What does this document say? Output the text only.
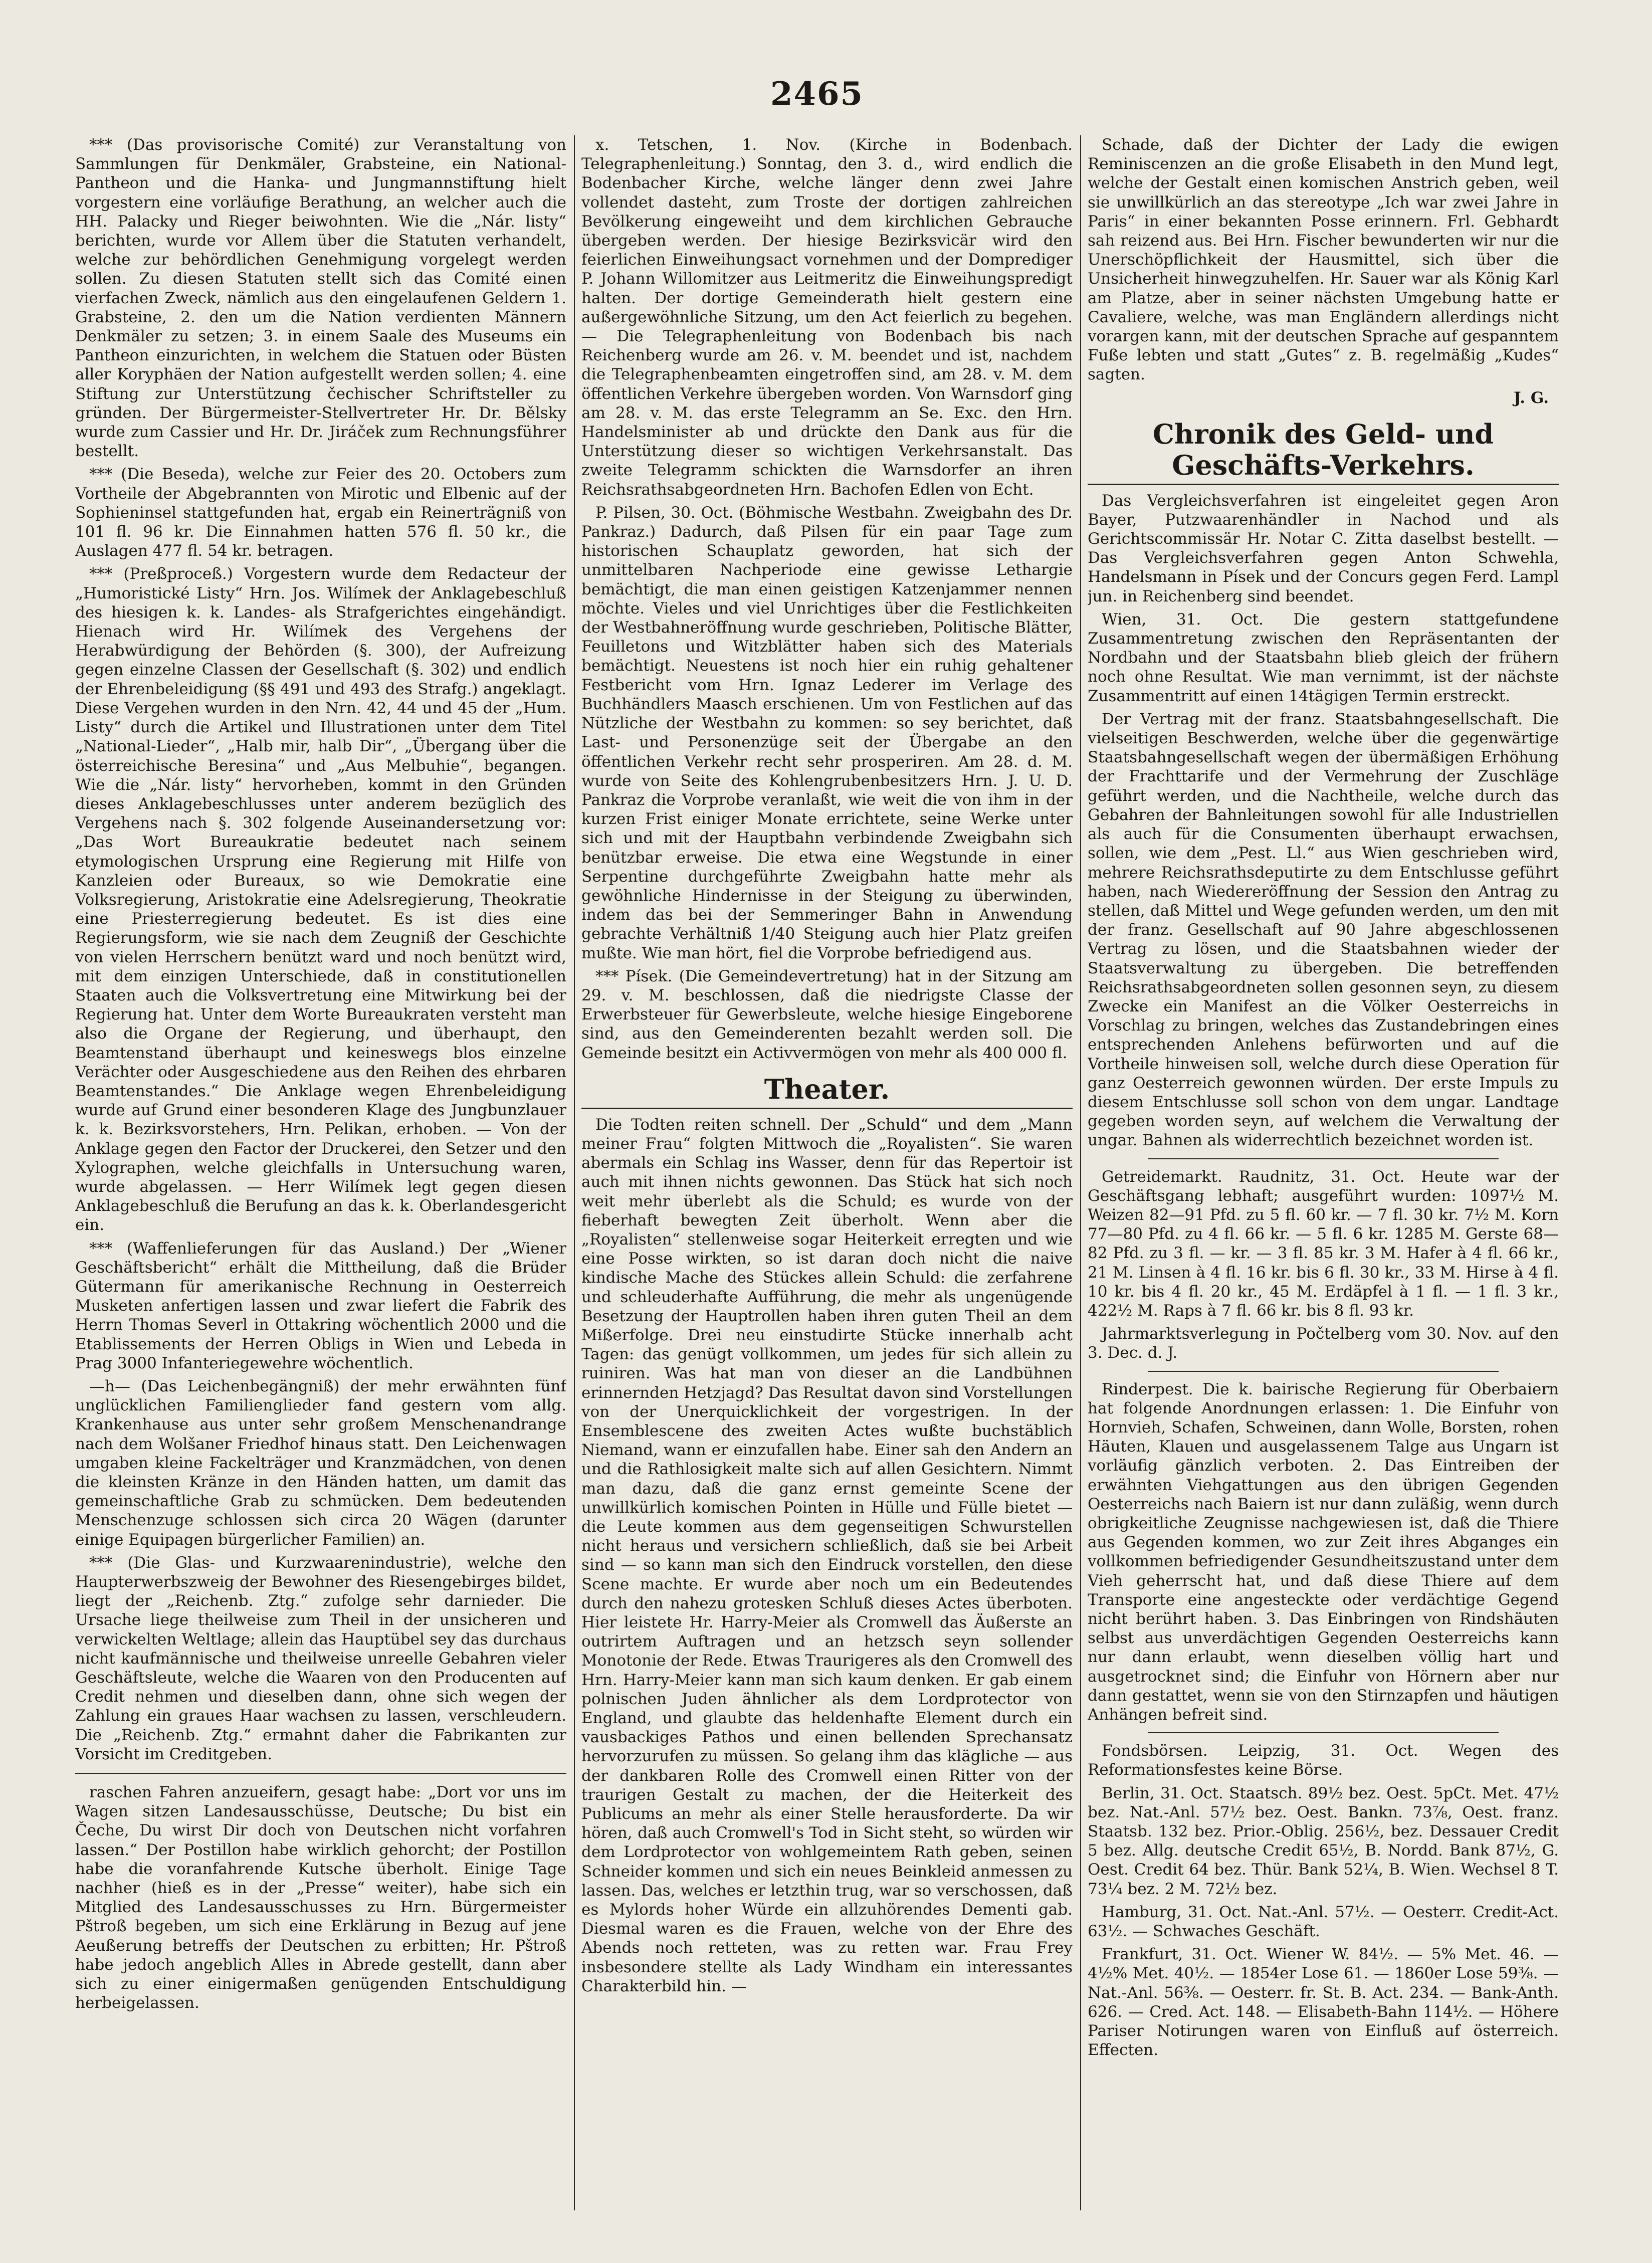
2465

*** (Das provisorische Comité) zur Veranstaltung von Sammlungen für Denkmäler, Grabsteine, ein National-Pantheon und die Hanka- und Jungmannstiftung hielt vorgestern eine vorläufige Berathung, an welcher auch die HH. Palacky und Rieger beiwohnten. Wie die „Nár. listy“ berichten, wurde vor Allem über die Statuten verhandelt, welche zur behördlichen Genehmigung vorgelegt werden sollen. Zu diesen Statuten stellt sich das Comité einen vierfachen Zweck, nämlich aus den eingelaufenen Geldern 1. Grabsteine, 2. den um die Nation verdienten Männern Denkmäler zu setzen; 3. in einem Saale des Museums ein Pantheon einzurichten, in welchem die Statuen oder Büsten aller Koryphäen der Nation aufgestellt werden sollen; 4. eine Stiftung zur Unterstützung čechischer Schriftsteller zu gründen. Der Bürgermeister-Stellvertreter Hr. Dr. Bělsky wurde zum Cassier und Hr. Dr. Jiráček zum Rechnungsführer bestellt.

*** (Die Beseda), welche zur Feier des 20. Octobers zum Vortheile der Abgebrannten von Mirotic und Elbenic auf der Sophieninsel stattgefunden hat, ergab ein Reinerträgniß von 101 fl. 96 kr. Die Einnahmen hatten 576 fl. 50 kr., die Auslagen 477 fl. 54 kr. betragen.

*** (Preßproceß.) Vorgestern wurde dem Redacteur der „Humoristické Listy“ Hrn. Jos. Wilímek der Anklagebeschluß des hiesigen k. k. Landes- als Strafgerichtes eingehändigt. Hienach wird Hr. Wilímek des Vergehens der Herabwürdigung der Behörden (§. 300), der Aufreizung gegen einzelne Classen der Gesellschaft (§. 302) und endlich der Ehrenbeleidigung (§§ 491 und 493 des Strafg.) angeklagt. Diese Vergehen wurden in den Nrn. 42, 44 und 45 der „Hum. Listy“ durch die Artikel und Illustrationen unter dem Titel „National-Lieder“, „Halb mir, halb Dir“, „Übergang über die österreichische Beresina“ und „Aus Melbuhie“, begangen. Wie die „Nár. listy“ hervorheben, kommt in den Gründen dieses Anklagebeschlusses unter anderem bezüglich des Vergehens nach §. 302 folgende Auseinandersetzung vor: „Das Wort Bureaukratie bedeutet nach seinem etymologischen Ursprung eine Regierung mit Hilfe von Kanzleien oder Bureaux, so wie Demokratie eine Volksregierung, Aristokratie eine Adelsregierung, Theokratie eine Priesterregierung bedeutet. Es ist dies eine Regierungsform, wie sie nach dem Zeugniß der Geschichte von vielen Herrschern benützt ward und noch benützt wird, mit dem einzigen Unterschiede, daß in constitutionellen Staaten auch die Volksvertretung eine Mitwirkung bei der Regierung hat. Unter dem Worte Bureaukraten versteht man also die Organe der Regierung, und überhaupt, den Beamtenstand überhaupt und keineswegs blos einzelne Verächter oder Ausgeschiedene aus den Reihen des ehrbaren Beamtenstandes.“ Die Anklage wegen Ehrenbeleidigung wurde auf Grund einer besonderen Klage des Jungbunzlauer k. k. Bezirksvorstehers, Hrn. Pelikan, erhoben. — Von der Anklage gegen den Factor der Druckerei, den Setzer und den Xylographen, welche gleichfalls in Untersuchung waren, wurde abgelassen. — Herr Wilímek legt gegen diesen Anklagebeschluß die Berufung an das k. k. Oberlandesgericht ein.

*** (Waffenlieferungen für das Ausland.) Der „Wiener Geschäftsbericht“ erhält die Mittheilung, daß die Brüder Gütermann für amerikanische Rechnung in Oesterreich Musketen anfertigen lassen und zwar liefert die Fabrik des Herrn Thomas Severl in Ottakring wöchentlich 2000 und die Etablissements der Herren Obligs in Wien und Lebeda in Prag 3000 Infanteriegewehre wöchentlich.

—h— (Das Leichenbegängniß) der mehr erwähnten fünf unglücklichen Familienglieder fand gestern vom allg. Krankenhause aus unter sehr großem Menschenandrange nach dem Wolšaner Friedhof hinaus statt. Den Leichenwagen umgaben kleine Fackelträger und Kranzmädchen, von denen die kleinsten Kränze in den Händen hatten, um damit das gemeinschaftliche Grab zu schmücken. Dem bedeutenden Menschenzuge schlossen sich circa 20 Wägen (darunter einige Equipagen bürgerlicher Familien) an.

*** (Die Glas- und Kurzwaarenindustrie), welche den Haupterwerbszweig der Bewohner des Riesengebirges bildet, liegt der „Reichenb. Ztg.“ zufolge sehr darnieder. Die Ursache liege theilweise zum Theil in der unsicheren und verwickelten Weltlage; allein das Hauptübel sey das durchaus nicht kaufmännische und theilweise unreelle Gebahren vieler Geschäftsleute, welche die Waaren von den Producenten auf Credit nehmen und dieselben dann, ohne sich wegen der Zahlung ein graues Haar wachsen zu lassen, verschleudern. Die „Reichenb. Ztg.“ ermahnt daher die Fabrikanten zur Vorsicht im Creditgeben.

raschen Fahren anzueifern, gesagt habe: „Dort vor uns im Wagen sitzen Landesausschüsse, Deutsche; Du bist ein Čeche, Du wirst Dir doch von Deutschen nicht vorfahren lassen.“ Der Postillon habe wirklich gehorcht; der Postillon habe die voranfahrende Kutsche überholt. Einige Tage nachher (hieß es in der „Presse“ weiter), habe sich ein Mitglied des Landesausschusses zu Hrn. Bürgermeister Pštroß begeben, um sich eine Erklärung in Bezug auf jene Aeußerung betreffs der Deutschen zu erbitten; Hr. Pštroß habe jedoch angeblich Alles in Abrede gestellt, dann aber sich zu einer einigermaßen genügenden Entschuldigung herbeigelassen.

x. Tetschen, 1. Nov. (Kirche in Bodenbach. Telegraphenleitung.) Sonntag, den 3. d., wird endlich die Bodenbacher Kirche, welche länger denn zwei Jahre vollendet dasteht, zum Troste der dortigen zahlreichen Bevölkerung eingeweiht und dem kirchlichen Gebrauche übergeben werden. Der hiesige Bezirksvicär wird den feierlichen Einweihungsact vornehmen und der Domprediger P. Johann Willomitzer aus Leitmeritz die Einweihungspredigt halten. Der dortige Gemeinderath hielt gestern eine außergewöhnliche Sitzung, um den Act feierlich zu begehen. — Die Telegraphenleitung von Bodenbach bis nach Reichenberg wurde am 26. v. M. beendet und ist, nachdem die Telegraphenbeamten eingetroffen sind, am 28. v. M. dem öffentlichen Verkehre übergeben worden. Von Warnsdorf ging am 28. v. M. das erste Telegramm an Se. Exc. den Hrn. Handelsminister ab und drückte den Dank aus für die Unterstützung dieser so wichtigen Verkehrsanstalt. Das zweite Telegramm schickten die Warnsdorfer an ihren Reichsrathsabgeordneten Hrn. Bachofen Edlen von Echt.

P. Pilsen, 30. Oct. (Böhmische Westbahn. Zweigbahn des Dr. Pankraz.) Dadurch, daß Pilsen für ein paar Tage zum historischen Schauplatz geworden, hat sich der unmittelbaren Nachperiode eine gewisse Lethargie bemächtigt, die man einen geistigen Katzenjammer nennen möchte. Vieles und viel Unrichtiges über die Festlichkeiten der Westbahneröffnung wurde geschrieben, Politische Blätter, Feuilletons und Witzblätter haben sich des Materials bemächtigt. Neuestens ist noch hier ein ruhig gehaltener Festbericht vom Hrn. Ignaz Lederer im Verlage des Buchhändlers Maasch erschienen. Um von Festlichen auf das Nützliche der Westbahn zu kommen: so sey berichtet, daß Last- und Personenzüge seit der Übergabe an den öffentlichen Verkehr recht sehr prosperiren. Am 28. d. M. wurde von Seite des Kohlengrubenbesitzers Hrn. J. U. D. Pankraz die Vorprobe veranlaßt, wie weit die von ihm in der kurzen Frist einiger Monate errichtete, seine Werke unter sich und mit der Hauptbahn verbindende Zweigbahn sich benützbar erweise. Die etwa eine Wegstunde in einer Serpentine durchgeführte Zweigbahn hatte mehr als gewöhnliche Hindernisse in der Steigung zu überwinden, indem das bei der Semmeringer Bahn in Anwendung gebrachte Verhältniß 1/40 Steigung auch hier Platz greifen mußte. Wie man hört, fiel die Vorprobe befriedigend aus.

*** Písek. (Die Gemeindevertretung) hat in der Sitzung am 29. v. M. beschlossen, daß die niedrigste Classe der Erwerbsteuer für Gewerbsleute, welche hiesige Eingeborene sind, aus den Gemeinderenten bezahlt werden soll. Die Gemeinde besitzt ein Activvermögen von mehr als 400 000 fl.

Theater.

Die Todten reiten schnell. Der „Schuld“ und dem „Mann meiner Frau“ folgten Mittwoch die „Royalisten“. Sie waren abermals ein Schlag ins Wasser, denn für das Repertoir ist auch mit ihnen nichts gewonnen. Das Stück hat sich noch weit mehr überlebt als die Schuld; es wurde von der fieberhaft bewegten Zeit überholt. Wenn aber die „Royalisten“ stellenweise sogar Heiterkeit erregten und wie eine Posse wirkten, so ist daran doch nicht die naive kindische Mache des Stückes allein Schuld: die zerfahrene und schleuderhafte Aufführung, die mehr als ungenügende Besetzung der Hauptrollen haben ihren guten Theil an dem Mißerfolge. Drei neu einstudirte Stücke innerhalb acht Tagen: das genügt vollkommen, um jedes für sich allein zu ruiniren. Was hat man von dieser an die Landbühnen erinnernden Hetzjagd? Das Resultat davon sind Vorstellungen von der Unerquicklichkeit der vorgestrigen. In der Ensemblescene des zweiten Actes wußte buchstäblich Niemand, wann er einzufallen habe. Einer sah den Andern an und die Rathlosigkeit malte sich auf allen Gesichtern. Nimmt man dazu, daß die ganz ernst gemeinte Scene der unwillkürlich komischen Pointen in Hülle und Fülle bietet — die Leute kommen aus dem gegenseitigen Schwurstellen nicht heraus und versichern schließlich, daß sie bei Arbeit sind — so kann man sich den Eindruck vorstellen, den diese Scene machte. Er wurde aber noch um ein Bedeutendes durch den nahezu grotesken Schluß dieses Actes überboten. Hier leistete Hr. Harry-Meier als Cromwell das Äußerste an outrirtem Auftragen und an hetzsch seyn sollender Monotonie der Rede. Etwas Traurigeres als den Cromwell des Hrn. Harry-Meier kann man sich kaum denken. Er gab einem polnischen Juden ähnlicher als dem Lordprotector von England, und glaubte das heldenhafte Element durch ein vausbackiges Pathos und einen bellenden Sprechansatz hervorzurufen zu müssen. So gelang ihm das klägliche — aus der dankbaren Rolle des Cromwell einen Ritter von der traurigen Gestalt zu machen, der die Heiterkeit des Publicums an mehr als einer Stelle herausforderte. Da wir hören, daß auch Cromwell's Tod in Sicht steht, so würden wir dem Lordprotector von wohlgemeintem Rath geben, seinen Schneider kommen und sich ein neues Beinkleid anmessen zu lassen. Das, welches er letzthin trug, war so verschossen, daß es Mylords hoher Würde ein allzuhörendes Dementi gab. Diesmal waren es die Frauen, welche von der Ehre des Abends noch retteten, was zu retten war. Frau Frey insbesondere stellte als Lady Windham ein interessantes Charakterbild hin. —

Schade, daß der Dichter der Lady die ewigen Reminiscenzen an die große Elisabeth in den Mund legt, welche der Gestalt einen komischen Anstrich geben, weil sie unwillkürlich an das stereotype „Ich war zwei Jahre in Paris“ in einer bekannten Posse erinnern. Frl. Gebhardt sah reizend aus. Bei Hrn. Fischer bewunderten wir nur die Unerschöpflichkeit der Hausmittel, sich über die Unsicherheit hinwegzuhelfen. Hr. Sauer war als König Karl am Platze, aber in seiner nächsten Umgebung hatte er Cavaliere, welche, was man Engländern allerdings nicht vorargen kann, mit der deutschen Sprache auf gespanntem Fuße lebten und statt „Gutes“ z. B. regelmäßig „Kudes“ sagten.

J. G.
Chronik des Geld- und Geschäfts-Verkehrs.

Das Vergleichsverfahren ist eingeleitet gegen Aron Bayer, Putzwaarenhändler in Nachod und als Gerichtscommissär Hr. Notar C. Zitta daselbst bestellt. — Das Vergleichsverfahren gegen Anton Schwehla, Handelsmann in Písek und der Concurs gegen Ferd. Lampl jun. in Reichenberg sind beendet.

Wien, 31. Oct. Die gestern stattgefundene Zusammentretung zwischen den Repräsentanten der Nordbahn und der Staatsbahn blieb gleich der frühern noch ohne Resultat. Wie man vernimmt, ist der nächste Zusammentritt auf einen 14tägigen Termin erstreckt.

Der Vertrag mit der franz. Staatsbahngesellschaft. Die vielseitigen Beschwerden, welche über die gegenwärtige Staatsbahngesellschaft wegen der übermäßigen Erhöhung der Frachttarife und der Vermehrung der Zuschläge geführt werden, und die Nachtheile, welche durch das Gebahren der Bahnleitungen sowohl für alle Industriellen als auch für die Consumenten überhaupt erwachsen, sollen, wie dem „Pest. Ll.“ aus Wien geschrieben wird, mehrere Reichsrathsdeputirte zu dem Entschlusse geführt haben, nach Wiedereröffnung der Session den Antrag zu stellen, daß Mittel und Wege gefunden werden, um den mit der franz. Gesellschaft auf 90 Jahre abgeschlossenen Vertrag zu lösen, und die Staatsbahnen wieder der Staatsverwaltung zu übergeben. Die betreffenden Reichsrathsabgeordneten sollen gesonnen seyn, zu diesem Zwecke ein Manifest an die Völker Oesterreichs in Vorschlag zu bringen, welches das Zustandebringen eines entsprechenden Anlehens befürworten und auf die Vortheile hinweisen soll, welche durch diese Operation für ganz Oesterreich gewonnen würden. Der erste Impuls zu diesem Entschlusse soll schon von dem ungar. Landtage gegeben worden seyn, auf welchem die Verwaltung der ungar. Bahnen als widerrechtlich bezeichnet worden ist.

Getreidemarkt. Raudnitz, 31. Oct. Heute war der Geschäftsgang lebhaft; ausgeführt wurden: 1097½ M. Weizen 82—91 Pfd. zu 5 fl. 60 kr. — 7 fl. 30 kr. 7½ M. Korn 77—80 Pfd. zu 4 fl. 66 kr. — 5 fl. 6 kr. 1285 M. Gerste 68—82 Pfd. zu 3 fl. — kr. — 3 fl. 85 kr. 3 M. Hafer à 4 fl. 66 kr., 21 M. Linsen à 4 fl. 16 kr. bis 6 fl. 30 kr., 33 M. Hirse à 4 fl. 10 kr. bis 4 fl. 20 kr., 45 M. Erdäpfel à 1 fl. — 1 fl. 3 kr., 422½ M. Raps à 7 fl. 66 kr. bis 8 fl. 93 kr.

Jahrmarktsverlegung in Počtelberg vom 30. Nov. auf den 3. Dec. d. J.

Rinderpest. Die k. bairische Regierung für Oberbaiern hat folgende Anordnungen erlassen: 1. Die Einfuhr von Hornvieh, Schafen, Schweinen, dann Wolle, Borsten, rohen Häuten, Klauen und ausgelassenem Talge aus Ungarn ist vorläufig gänzlich verboten. 2. Das Eintreiben der erwähnten Viehgattungen aus den übrigen Gegenden Oesterreichs nach Baiern ist nur dann zuläßig, wenn durch obrigkeitliche Zeugnisse nachgewiesen ist, daß die Thiere aus Gegenden kommen, wo zur Zeit ihres Abganges ein vollkommen befriedigender Gesundheitszustand unter dem Vieh geherrscht hat, und daß diese Thiere auf dem Transporte eine angesteckte oder verdächtige Gegend nicht berührt haben. 3. Das Einbringen von Rindshäuten selbst aus unverdächtigen Gegenden Oesterreichs kann nur dann erlaubt, wenn dieselben völlig hart und ausgetrocknet sind; die Einfuhr von Hörnern aber nur dann gestattet, wenn sie von den Stirnzapfen und häutigen Anhängen befreit sind.

Fondsbörsen. Leipzig, 31. Oct. Wegen des Reformationsfestes keine Börse.

Berlin, 31. Oct. Staatsch. 89½ bez. Oest. 5pCt. Met. 47½ bez. Nat.-Anl. 57½ bez. Oest. Bankn. 73⅞, Oest. franz. Staatsb. 132 bez. Prior.-Oblig. 256½, bez. Dessauer Credit 5 bez. Allg. deutsche Credit 65½, B. Nordd. Bank 87½, G. Oest. Credit 64 bez. Thür. Bank 52¼, B. Wien. Wechsel 8 T. 73¼ bez. 2 M. 72½ bez.

Hamburg, 31. Oct. Nat.-Anl. 57½. — Oesterr. Credit-Act. 63½. — Schwaches Geschäft.

Frankfurt, 31. Oct. Wiener W. 84½. — 5% Met. 46. — 4½% Met. 40½. — 1854er Lose 61. — 1860er Lose 59⅜. — Nat.-Anl. 56⅜. — Oesterr. fr. St. B. Act. 234. — Bank-Anth. 626. — Cred. Act. 148. — Elisabeth-Bahn 114½. — Höhere Pariser Notirungen waren von Einfluß auf österreich. Effecten.
